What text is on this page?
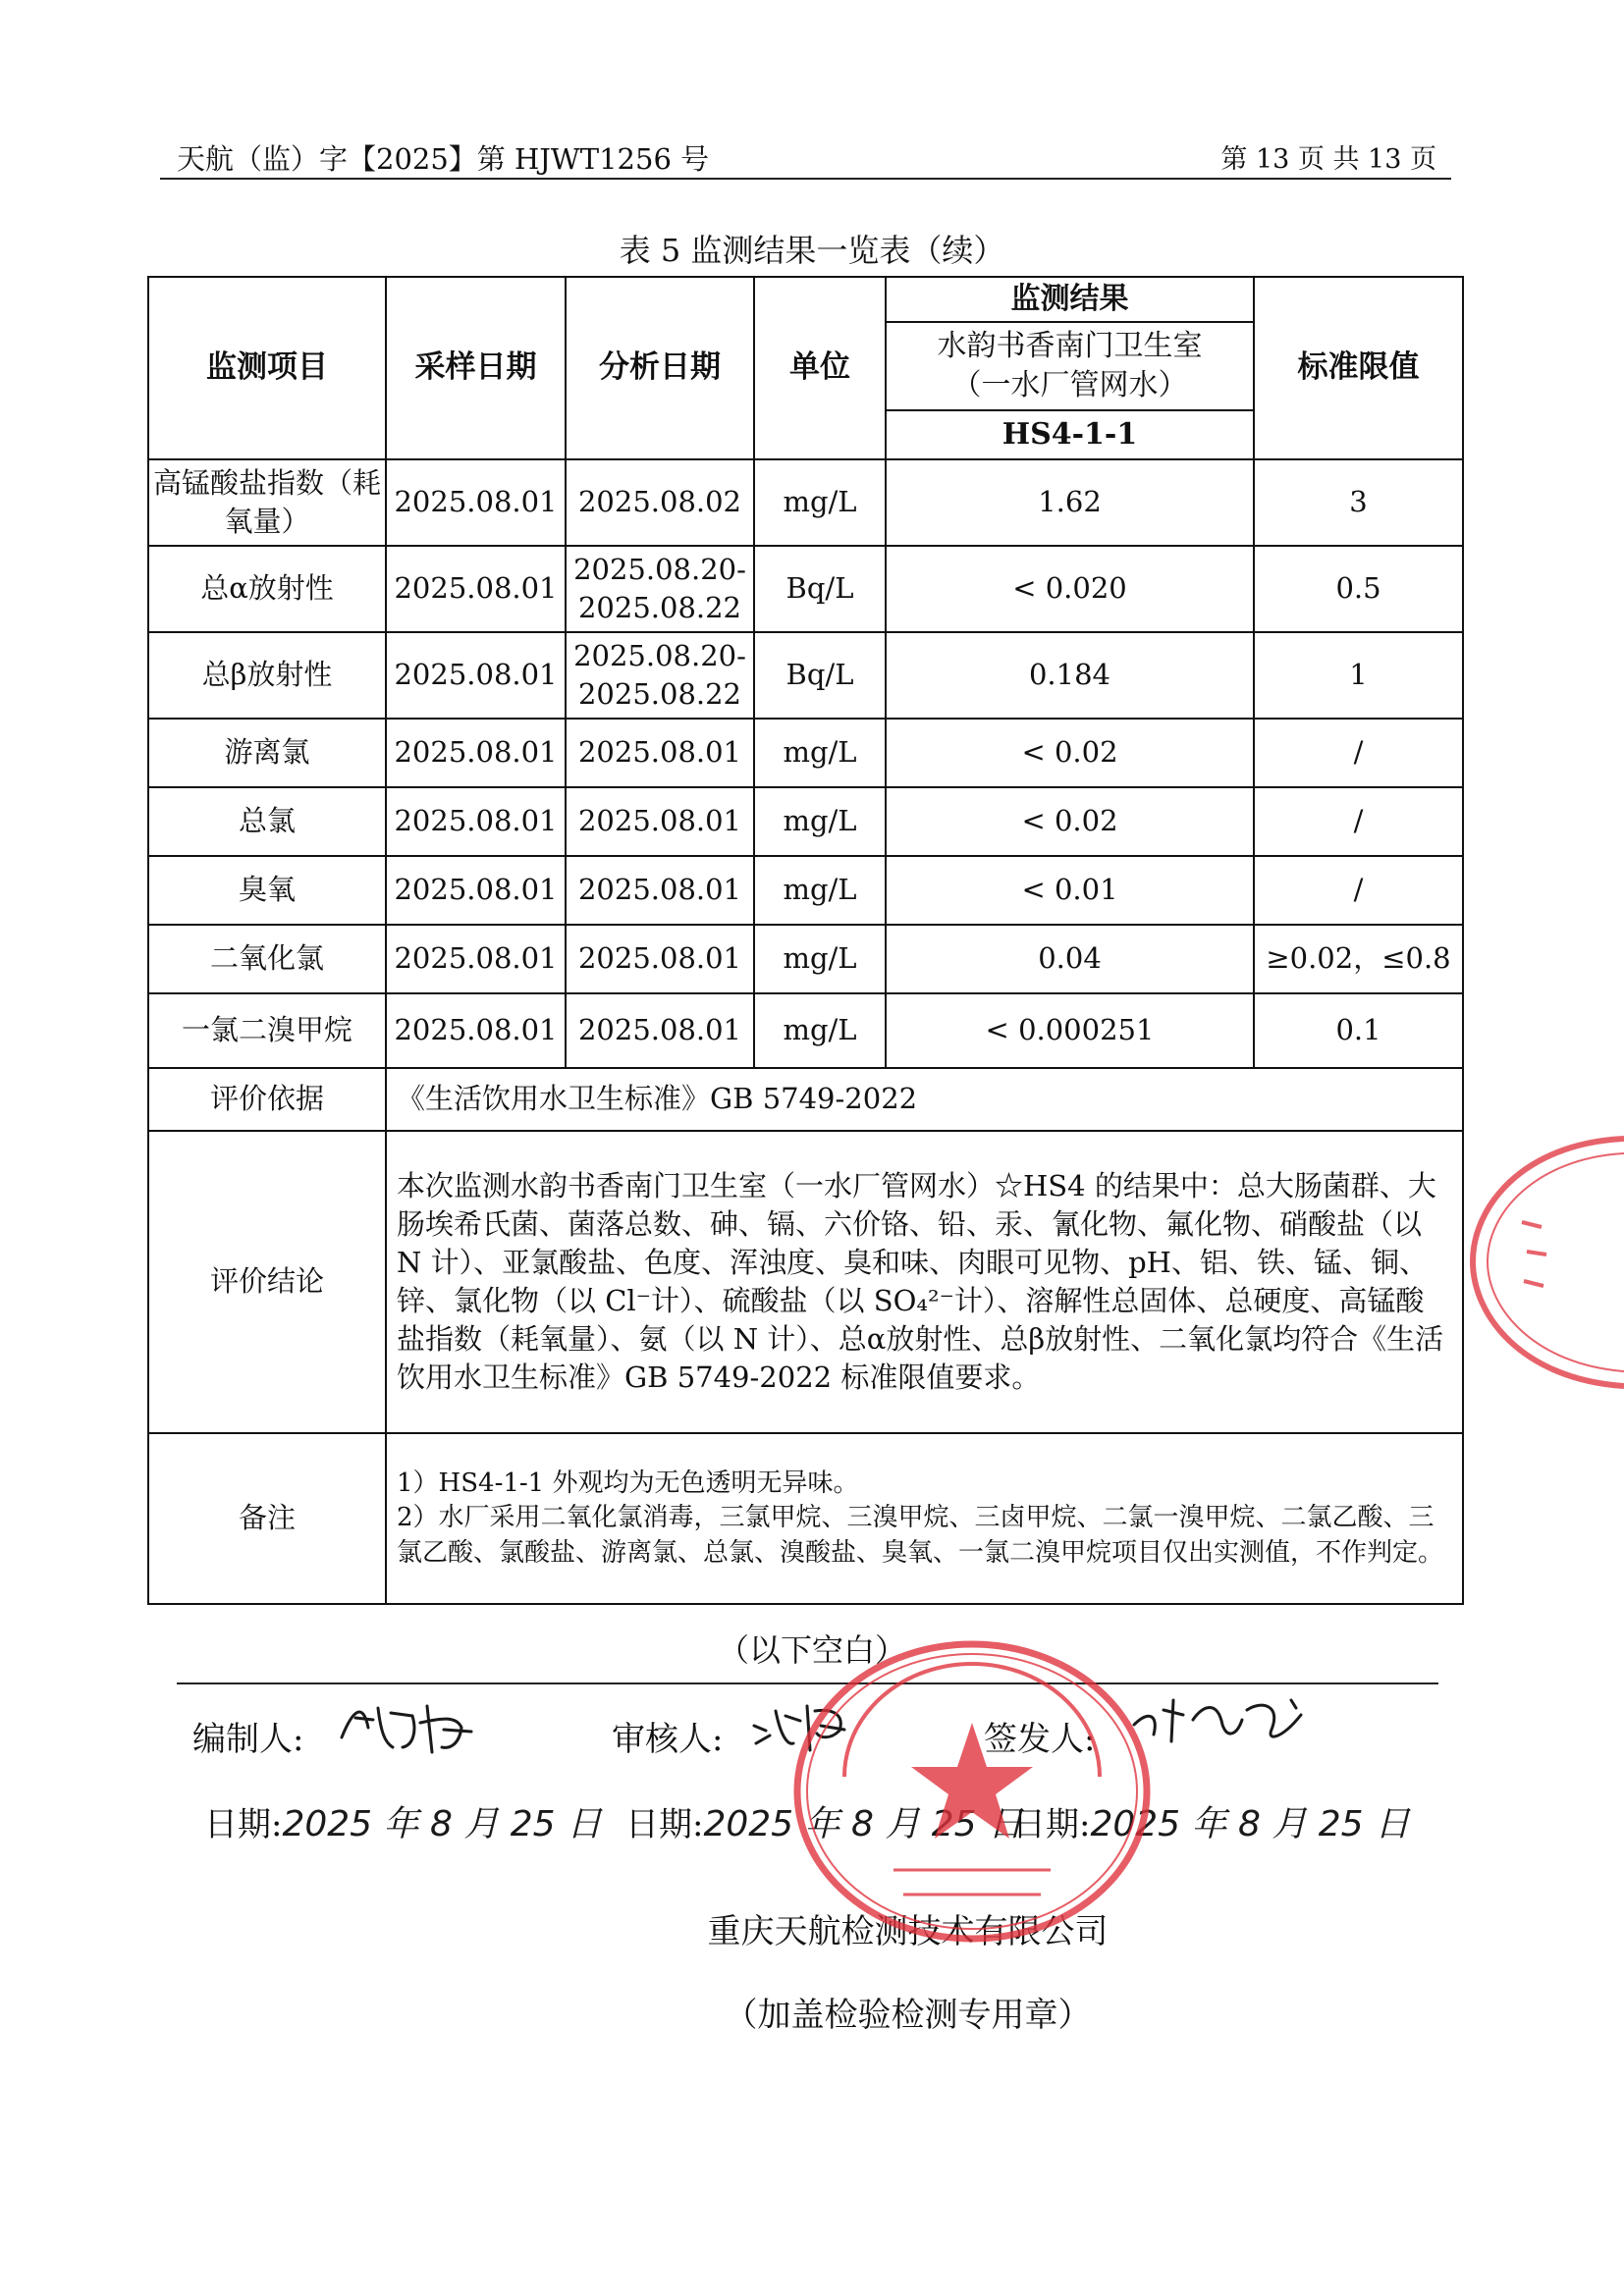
天航（监）字【2025】第 HJWT1256 号	第 13 页 共 13 页
表 5 监测结果一览表（续）
监测项目	采样日期	分析日期	单位	监测结果	标准限值
				水韵书香南门卫生室
（一水厂管网水）	
				HS4-1-1	
高锰酸盐指数（耗氧量）	2025.08.01	2025.08.02	mg/L	1.62	3
总α放射性	2025.08.01	2025.08.20-2025.08.22	Bq/L	< 0.020	0.5
总β放射性	2025.08.01	2025.08.20-2025.08.22	Bq/L	0.184	1
游离氯	2025.08.01	2025.08.01	mg/L	< 0.02	/
总氯	2025.08.01	2025.08.01	mg/L	< 0.02	/
臭氧	2025.08.01	2025.08.01	mg/L	< 0.01	/
二氧化氯	2025.08.01	2025.08.01	mg/L	0.04	≥0.02，≤0.8
一氯二溴甲烷	2025.08.01	2025.08.01	mg/L	< 0.000251	0.1
评价依据	《生活饮用水卫生标准》GB 5749-2022				
评价结论	本次监测水韵书香南门卫生室（一水厂管网水）☆HS4 的结果中：总大肠菌群、大肠埃希氏菌、菌落总数、砷、镉、六价铬、铅、汞、氰化物、氟化物、硝酸盐（以 N 计）、亚氯酸盐、色度、浑浊度、臭和味、肉眼可见物、pH、铝、铁、锰、铜、锌、氯化物（以 Cl⁻计）、硫酸盐（以 SO₄²⁻计）、溶解性总固体、总硬度、高锰酸盐指数（耗氧量）、氨（以 N 计）、总α放射性、总β放射性、二氧化氯均符合《生活饮用水卫生标准》GB 5749-2022 标准限值要求。				
备注	1）HS4-1-1 外观均为无色透明无异味。
2）水厂采用二氧化氯消毒，三氯甲烷、三溴甲烷、三卤甲烷、二氯一溴甲烷、二氯乙酸、三氯乙酸、氯酸盐、游离氯、总氯、溴酸盐、臭氧、一氯二溴甲烷项目仅出实测值，不作判定。				
（以下空白）
编制人:	审核人:	签发人:
日期:2025 年 8 月 25 日 日期:2025 年 8 月 25 日
日期:2025 年 8 月 25 日
重庆天航检测技术有限公司
（加盖检验检测专用章）
